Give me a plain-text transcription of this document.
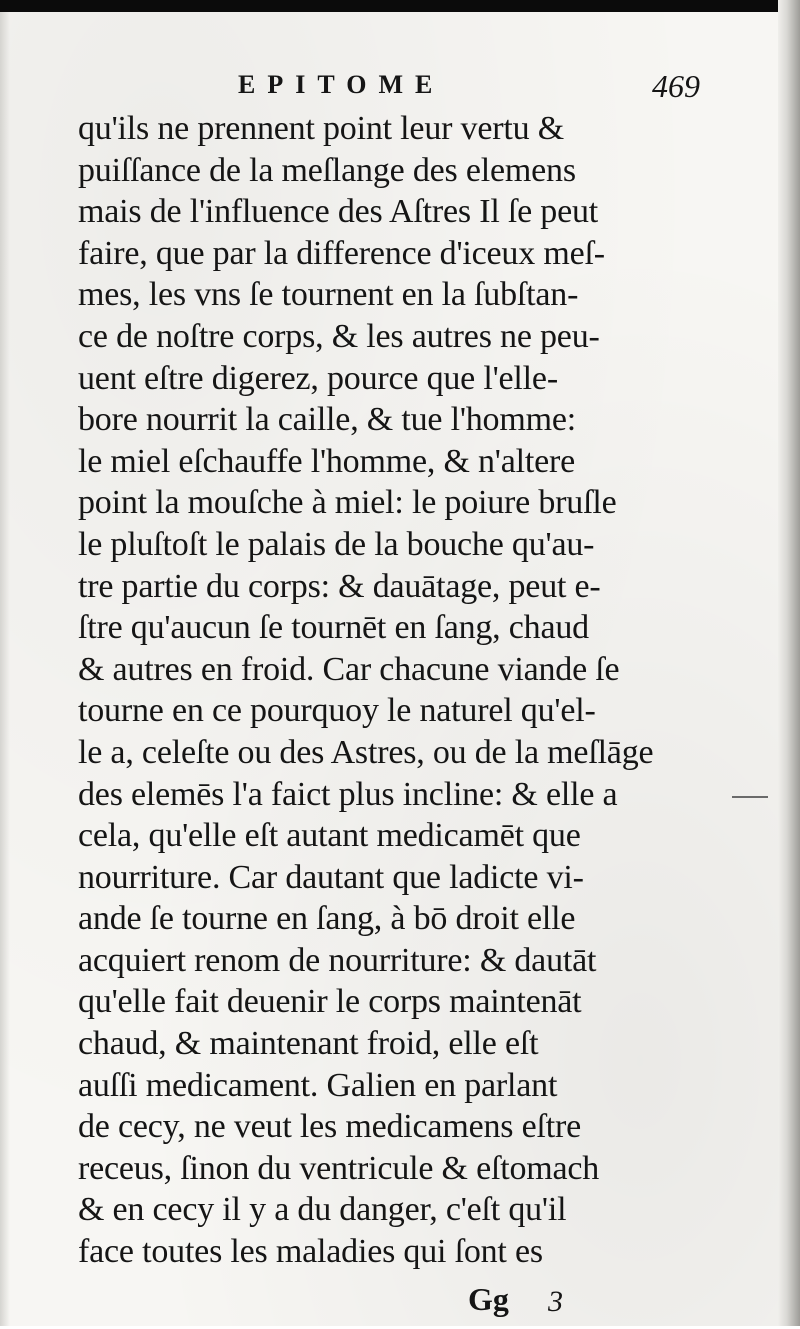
EPITOME	469
qu'ils ne prennent point leur vertu &
puiſſance de la meſlange des elemens
mais de l'influence des Aſtres Il ſe peut
faire, que par la difference d'iceux meſ-
mes, les vns ſe tournent en la ſubſtan-
ce de noſtre corps, & les autres ne peu-
uent eſtre digerez, pource que l'elle-
bore nourrit la caille, & tue l'homme:
le miel eſchauffe l'homme, & n'altere
point la mouſche à miel: le poiure bruſle
le pluſtoſt le palais de la bouche qu'au-
tre partie du corps: & dauātage, peut e-
ſtre qu'aucun ſe tournēt en ſang, chaud
& autres en froid. Car chacune viande ſe
tourne en ce pourquoy le naturel qu'el-
le a, celeſte ou des Astres, ou de la meſlāge
des elemēs l'a faict plus incline: & elle a
cela, qu'elle eſt autant medicamēt que
nourriture. Car dautant que ladicte vi-
ande ſe tourne en ſang, à bō droit elle
acquiert renom de nourriture: & dautāt
qu'elle fait deuenir le corps maintenāt
chaud, & maintenant froid, elle eſt
auſſi medicament. Galien en parlant
de cecy, ne veut les medicamens eſtre
receus, ſinon du ventricule & eſtomach
& en cecy il y a du danger, c'eſt qu'il
face toutes les maladies qui ſont es
Gg 3
